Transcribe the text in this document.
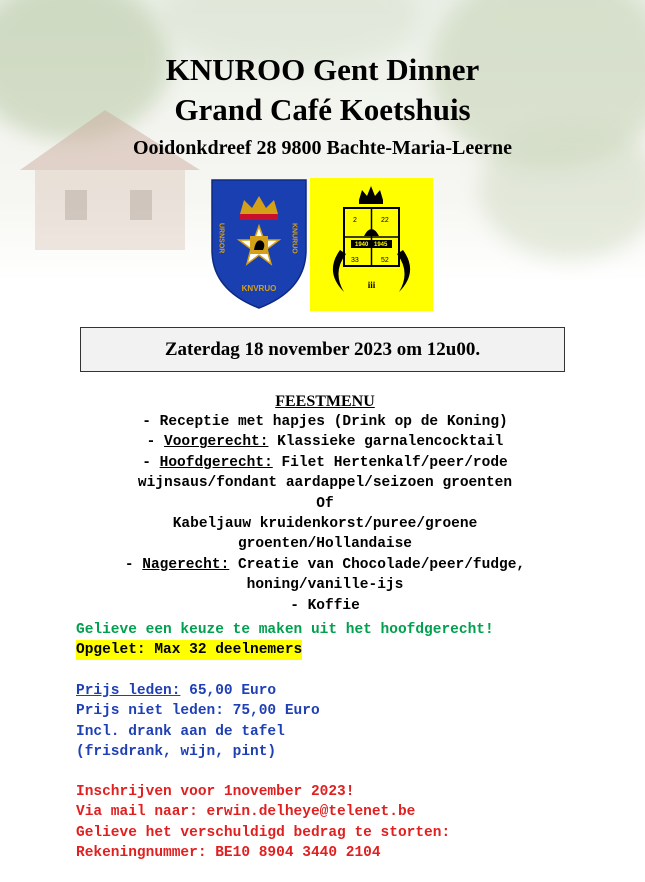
KNUROO Gent Dinner
Grand Café Koetshuis
Ooidonkdreef 28 9800 Bachte-Maria-Leerne
URNSOR	KNURUO
KNVRUO
1940 1945
2	22
33	52
iii
Zaterdag 18 november 2023 om 12u00.
FEESTMENU
- Receptie met hapjes (Drink op de Koning)
- Voorgerecht: Klassieke garnalencocktail
- Hoofdgerecht: Filet Hertenkalf/peer/rode
wijnsaus/fondant aardappel/seizoen groenten
Of
Kabeljauw kruidenkorst/puree/groene
groenten/Hollandaise
- Nagerecht: Creatie van Chocolade/peer/fudge,
honing/vanille-ijs
- Koffie
Gelieve een keuze te maken uit het hoofdgerecht!
Opgelet: Max 32 deelnemers
Prijs leden: 65,00 Euro
Prijs niet leden: 75,00 Euro
Incl. drank aan de tafel
(frisdrank, wijn, pint)
Inschrijven voor 1november 2023!
Via mail naar: erwin.delheye@telenet.be
Gelieve het verschuldigd bedrag te storten:
Rekeningnummer: BE10 8904 3440 2104
